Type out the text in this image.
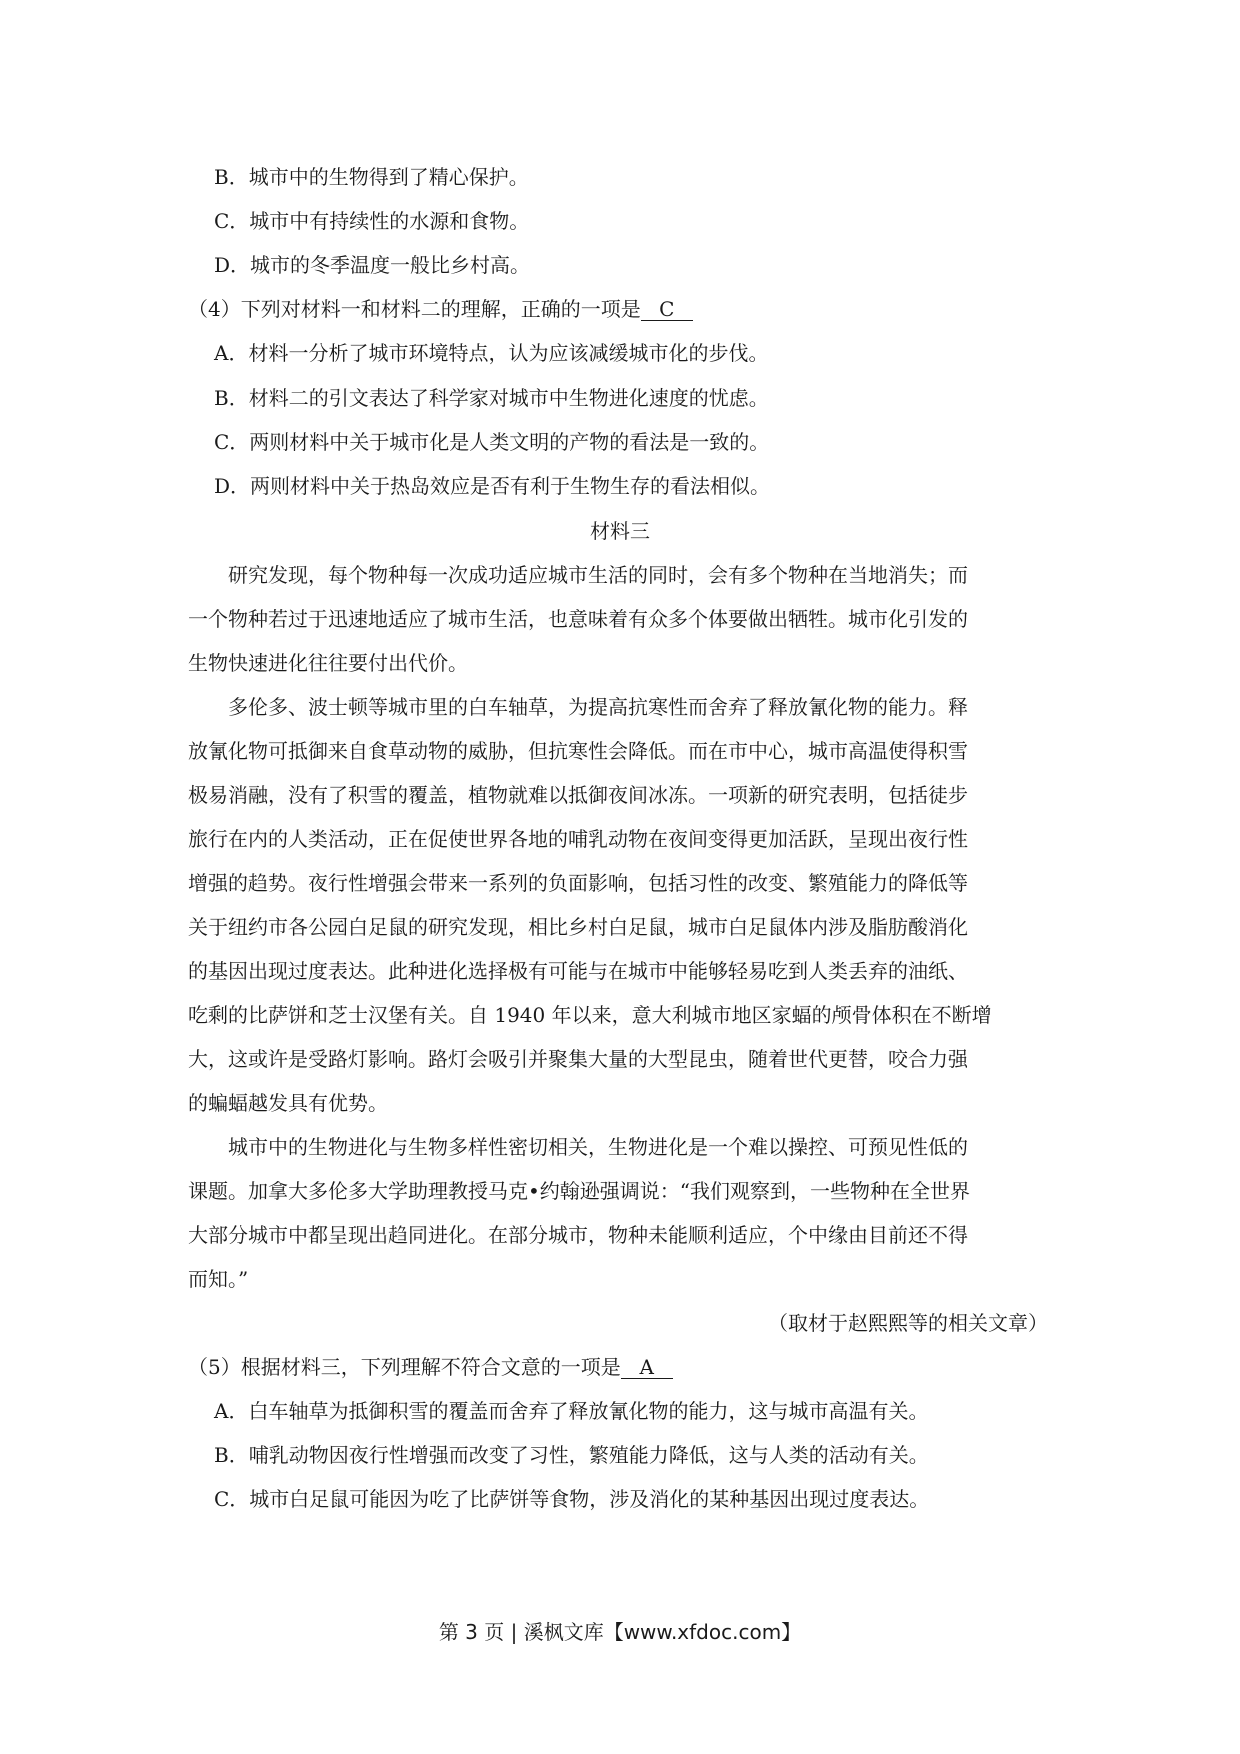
B．城市中的生物得到了精心保护。
C．城市中有持续性的水源和食物。
D．城市的冬季温度一般比乡村高。
（4）下列对材料一和材料二的理解，正确的一项是 C
A．材料一分析了城市环境特点，认为应该减缓城市化的步伐。
B．材料二的引文表达了科学家对城市中生物进化速度的忧虑。
C．两则材料中关于城市化是人类文明的产物的看法是一致的。
D．两则材料中关于热岛效应是否有利于生物生存的看法相似。
材料三
研究发现，每个物种每一次成功适应城市生活的同时，会有多个物种在当地消失；而
一个物种若过于迅速地适应了城市生活，也意味着有众多个体要做出牺牲。城市化引发的
生物快速进化往往要付出代价。
多伦多、波士顿等城市里的白车轴草，为提高抗寒性而舍弃了释放氰化物的能力。释
放氰化物可抵御来自食草动物的威胁，但抗寒性会降低。而在市中心，城市高温使得积雪
极易消融，没有了积雪的覆盖，植物就难以抵御夜间冰冻。一项新的研究表明，包括徒步
旅行在内的人类活动，正在促使世界各地的哺乳动物在夜间变得更加活跃，呈现出夜行性
增强的趋势。夜行性增强会带来一系列的负面影响，包括习性的改变、繁殖能力的降低等
关于纽约市各公园白足鼠的研究发现，相比乡村白足鼠，城市白足鼠体内涉及脂肪酸消化
的基因出现过度表达。此种进化选择极有可能与在城市中能够轻易吃到人类丢弃的油纸、
吃剩的比萨饼和芝士汉堡有关。自 1940 年以来，意大利城市地区家蝠的颅骨体积在不断增
大，这或许是受路灯影响。路灯会吸引并聚集大量的大型昆虫，随着世代更替，咬合力强
的蝙蝠越发具有优势。
城市中的生物进化与生物多样性密切相关，生物进化是一个难以操控、可预见性低的
课题。加拿大多伦多大学助理教授马克•约翰逊强调说：“我们观察到，一些物种在全世界
大部分城市中都呈现出趋同进化。在部分城市，物种未能顺利适应，个中缘由目前还不得
而知。”
（取材于赵熙熙等的相关文章）
（5）根据材料三，下列理解不符合文意的一项是 A
A．白车轴草为抵御积雪的覆盖而舍弃了释放氰化物的能力，这与城市高温有关。
B．哺乳动物因夜行性增强而改变了习性，繁殖能力降低，这与人类的活动有关。
C．城市白足鼠可能因为吃了比萨饼等食物，涉及消化的某种基因出现过度表达。
第 3 页 | 溪枫文库【www.xfdoc.com】
